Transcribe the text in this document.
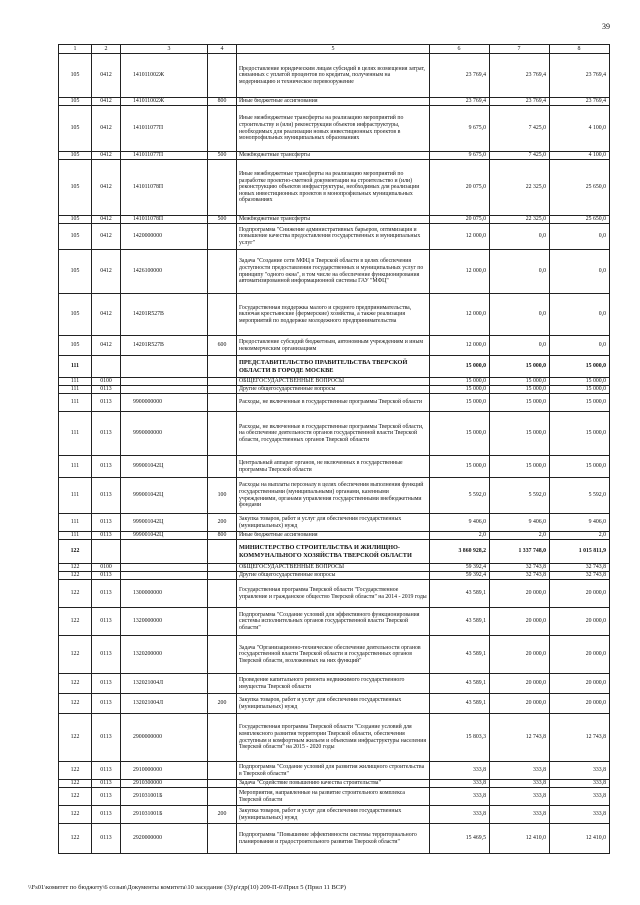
39
1	2	3	4	5	6	7	8
105	0412	141011002Ж		Предоставление юридическим лицам субсидий в целях возмещения затрат, связанных с уплатой процентов по кредитам, полученным на модернизацию и техническое перевооружение	23 769,4	23 769,4	23 769,4
105	0412	141011002Ж	800	Иные бюджетные ассигнования	23 769,4	23 769,4	23 769,4
105	0412	141011077П		Иные межбюджетные трансферты на реализацию мероприятий по строительству и (или) реконструкции объектов инфраструктуры, необходимых для реализации новых инвестиционных проектов в монопрофильных муниципальных образованиях	9 675,0	7 425,0	4 100,0
105	0412	141011077П	500	Межбюджетные трансферты	9 675,0	7 425,0	4 100,0
105	0412	141011078П		Иные межбюджетные трансферты на реализацию мероприятий по разработке проектно-сметной документации на строительство и (или) реконструкцию объектов инфраструктуры, необходимых для реализации новых инвестиционных проектов в монопрофильных муниципальных образованиях	20 075,0	22 325,0	25 650,0
105	0412	141011078П	500	Межбюджетные трансферты	20 075,0	22 325,0	25 650,0
105	0412	1420000000		Подпрограмма "Снижение административных барьеров, оптимизация и повышение качества предоставления государственных и муниципальных услуг"	12 000,0	0,0	0,0
105	0412	1426100000		Задача "Создание сети МФЦ в Тверской области в целях обеспечения доступности предоставления государственных и муниципальных услуг по принципу "одного окна", в том числе на обеспечение функционирования автоматизированной информационной системы ГАУ "МФЦ"	12 000,0	0,0	0,0
105	0412	14201R527B		Государственная поддержка малого и среднего предпринимательства, включая крестьянские (фермерские) хозяйства, а также реализация мероприятий по поддержке молодежного предпринимательства	12 000,0	0,0	0,0
105	0412	14201R527B	600	Предоставление субсидий бюджетным, автономным учреждениям и иным некоммерческим организациям	12 000,0	0,0	0,0
111				ПРЕДСТАВИТЕЛЬСТВО ПРАВИТЕЛЬСТВА ТВЕРСКОЙ ОБЛАСТИ В ГОРОДЕ МОСКВЕ	15 000,0	15 000,0	15 000,0
111	0100			ОБЩЕГОСУДАРСТВЕННЫЕ ВОПРОСЫ	15 000,0	15 000,0	15 000,0
111	0113			Другие общегосударственные вопросы	15 000,0	15 000,0	15 000,0
111	0113	9900000000		Расходы, не включенные в государственные программы Тверской области	15 000,0	15 000,0	15 000,0
111	0113	9990000000		Расходы, не включенные в государственные программы Тверской области, на обеспечение деятельности органов государственной власти Тверской области, государственных органов Тверской области	15 000,0	15 000,0	15 000,0
111	0113	999001042Ц		Центральный аппарат органов, не включенных в государственные программы Тверской области	15 000,0	15 000,0	15 000,0
111	0113	999001042Ц	100	Расходы на выплаты персоналу в целях обеспечения выполнения функций государственными (муниципальными) органами, казенными учреждениями, органами управления государственными внебюджетными фондами	5 592,0	5 592,0	5 592,0
111	0113	999001042Ц	200	Закупка товаров, работ и услуг для обеспечения государственных (муниципальных) нужд	9 406,0	9 406,0	9 406,0
111	0113	999001042Ц	800	Иные бюджетные ассигнования	2,0	2,0	2,0
122				МИНИСТЕРСТВО СТРОИТЕЛЬСТВА И ЖИЛИЩНО-КОММУНАЛЬНОГО ХОЗЯЙСТВА ТВЕРСКОЙ ОБЛАСТИ	3 860 928,2	1 337 748,0	1 015 811,9
122	0100			ОБЩЕГОСУДАРСТВЕННЫЕ ВОПРОСЫ	59 392,4	32 743,8	32 743,8
122	0113			Другие общегосударственные вопросы	59 392,4	32 743,8	32 743,8
122	0113	1300000000		Государственная программа Тверской области "Государственное управление и гражданское общество Тверской области" на 2014 - 2019 годы	43 589,1	20 000,0	20 000,0
122	0113	1320000000		Подпрограмма "Создание условий для эффективного функционирования системы исполнительных органов государственной власти Тверской области"	43 589,1	20 000,0	20 000,0
122	0113	1320200000		Задача "Организационно-техническое обеспечение деятельности органов государственной власти Тверской области и государственных органов Тверской области, возложенных на них функций"	43 589,1	20 000,0	20 000,0
122	0113	132021004Л		Проведение капитального ремонта недвижимого государственного имущества Тверской области	43 589,1	20 000,0	20 000,0
122	0113	132021004Л	200	Закупка товаров, работ и услуг для обеспечения государственных (муниципальных) нужд	43 589,1	20 000,0	20 000,0
122	0113	2900000000		Государственная программа Тверской области "Создание условий для комплексного развития территории Тверской области, обеспечения доступным и комфортным жильем и объектами инфраструктуры населения Тверской области" на 2015 - 2020 годы	15 803,3	12 743,8	12 743,8
122	0113	2910000000		Подпрограмма "Создание условий для развития жилищного строительства в Тверской области"	333,8	333,8	333,8
122	0113	2910300000		Задача "Содействие повышению качества строительства"	333,8	333,8	333,8
122	0113	291031001Б		Мероприятия, направленные на развитие строительного комплекса Тверской области	333,8	333,8	333,8
122	0113	291031001Б	200	Закупка товаров, работ и услуг для обеспечения государственных (муниципальных) нужд	333,8	333,8	333,8
122	0113	2920000000		Подпрограмма "Повышение эффективности системы территориального планирования и градостроительного развития Тверской области"	15 469,5	12 410,0	12 410,0
\\Fs01\комитет по бюджету\6 созыв\Документы комитета\10 заседание (3)\p\гдр(10) 209-П-6\Прил 5 (Прил 11 ВСР)
